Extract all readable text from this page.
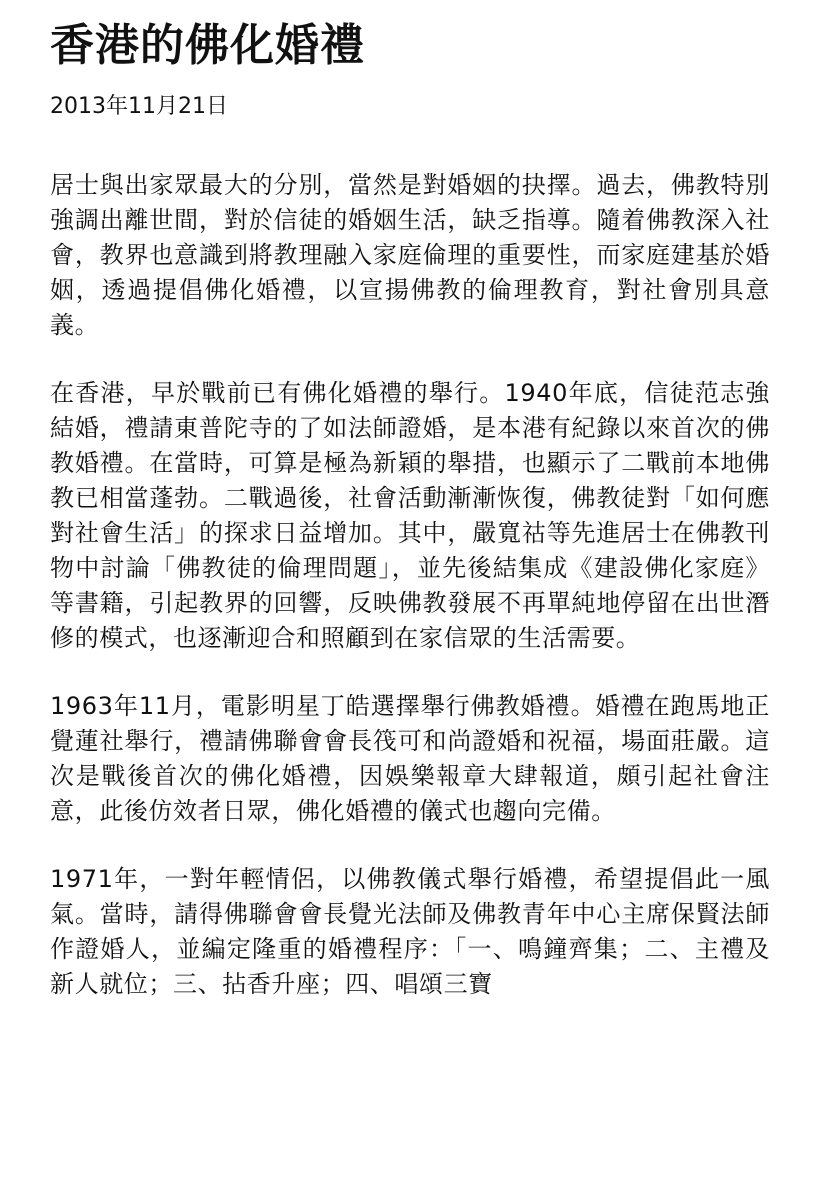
香港的佛化婚禮
2013年11月21日

居士與出家眾最大的分別，當然是對婚姻的抉擇。過去，佛教特別強調出離世間，對於信徒的婚姻生活，缺乏指導。隨着佛教深入社會，教界也意識到將教理融入家庭倫理的重要性，而家庭建基於婚姻，透過提倡佛化婚禮，以宣揚佛教的倫理教育，對社會別具意義。

在香港，早於戰前已有佛化婚禮的舉行。1940年底，信徒范志強結婚，禮請東普陀寺的了如法師證婚，是本港有紀錄以來首次的佛教婚禮。在當時，可算是極為新穎的舉措，也顯示了二戰前本地佛教已相當蓬勃。二戰過後，社會活動漸漸恢復，佛教徒對「如何應對社會生活」的探求日益增加。其中，嚴寬祜等先進居士在佛教刊物中討論「佛教徒的倫理問題」，並先後結集成《建設佛化家庭》等書籍，引起教界的回響，反映佛教發展不再單純地停留在出世潛修的模式，也逐漸迎合和照顧到在家信眾的生活需要。

1963年11月，電影明星丁皓選擇舉行佛教婚禮。婚禮在跑馬地正覺蓮社舉行，禮請佛聯會會長筏可和尚證婚和祝福，場面莊嚴。這次是戰後首次的佛化婚禮，因娛樂報章大肆報道，頗引起社會注意，此後仿效者日眾，佛化婚禮的儀式也趨向完備。

1971年，一對年輕情侶，以佛教儀式舉行婚禮，希望提倡此一風氣。當時，請得佛聯會會長覺光法師及佛教青年中心主席保賢法師作證婚人，並編定隆重的婚禮程序：「一、鳴鐘齊集；二、主禮及新人就位；三、拈香升座；四、唱頌三寶
